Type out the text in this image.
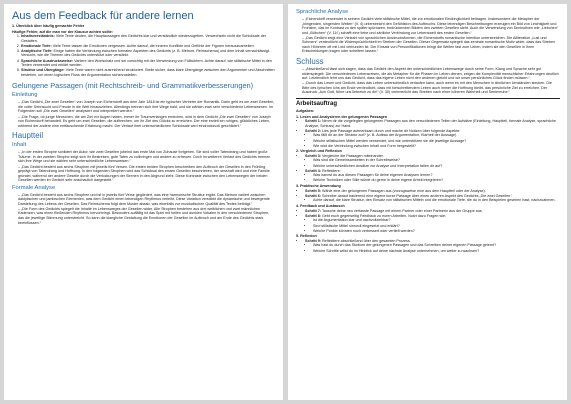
Aus dem Feedback für andere lernen

1. Überblick über häufig gemachte Fehler

Häufige Fehler, auf die man vor der Klausur achten sollte:

1. Inhaltsverständnis: Viele Texte deuten, die Hauptaussagen des Gedichts klar und verständlich wiederzugeben. Verwechseln nicht die Schicksale der Gestalten.
2. Emotionale Tiefe: Viele Texte lassen die Emotionen vergessen. Achte darauf, die inneren Konflikte und Gefühle der Figuren herauszuarbeiten.
3. Analytische Tiefe: Einige haben die Verbindung zwischen formalen Aspekten des Gedichts (z. B. Metrum, Reimschema) und dem Inhalt vernachlässigt. Versucht, wie die Themen des Gedichts unterstützt oder verstärkt.
4. Sprachliche Ausdrucksweise: Variiere den Wortschatz und sei vorsichtig mit der Verwendung von Füllwörtern. Achte darauf, wie stilistische Mittel in den Texten verwendet und erklärt werden.
5. Struktur und Übergänge: Viele Texte waren nicht ausreichend strukturiert. Stelle sicher, dass klare Übergänge zwischen den Argumenten und Abschnitten bestehen, um einen logischen Fluss der Argumentation sicherzustellen.
Gelungene Passagen (mit Rechtschreib- und Grammatikverbesserungen)
Einleitung
– „Das Gedicht „Die zwei Gesellen“ von Joseph von Eichendorff aus dem Jahr 1818 ist ein typischer Vertreter der Romantik. Darin geht es um zwei Gesellen, die voller Sehnsucht und Freude in die Welt hinausziehen. Allerdings trennen sich ihre Wege bald, und sie wählen zwei sehr verschiedene Lebenswesen. Im Folgenden soll „Die zwei Gesellen“ analysiert und interpretiert werden.“
– „Die Frage, ob junge Menschen, die am Ziel vor Augen haben, immer ihr Traumverlangen erreichen, wird in dem Gedicht „Die zwei Gesellen“ von Joseph von Eichendorff behandelt. Es geht um zwei Gesellen, die aufbrechen, um ihr Ziel des Glücks zu erreichen. Der eine erzielt ein ruhiges, glückliches Leben, während der andere eine enttäuschende Erfahrung macht. Der Verlauf ihrer unterschiedlichen Schicksale wird eindrucksvoll geschildert.“
Hauptteil
Inhalt
– „In der ersten Strophe schildert der Autor, wie zwei Gesellen jubelnd das erste Mal von Zuhause fortgehen. Sie sind voller Tatendrang und haben große Träume. In der zweiten Strophe zeigt sich ihr Bestreben, gute Taten zu vollbringen und andere zu erfreuen. Doch im weiteren Verlauf des Gedichts trennen sich ihre Wege und sie wählen sehr unterschiedliche Lebensweisen.“
– „Das Gedicht besteht aus sechs Strophen mit jeweils fünf Versen. Die ersten beiden Strophen beschreiben den Aufbruch der Gesellen in den Frühling, geprägt von Tatendrang und Hoffnung. In den folgenden Strophen wird das Schicksal des ersten Gesellen beschrieben, der sesshaft wird und eine Familie gründet, während der andere Geselle durch die Verlockungen der Sirenen in den Abgrund zieht. Diese Kontraste zwischen den Lebenswegen der beiden Gesellen werden im Gedicht sehr anschaulich dargestellt.“
Formale Analyse
– „Das Gedicht besteht aus sechs Strophen und ist in jeweils fünf Verse gegliedert, was eine harmonische Struktur ergibt. Das Metrum variiert zwischen daktylischen und jambischen Elementen, was dem Gedicht einen lebendigen Rhythmus verleiht. Diese Variation verstärkt die dynamische und bewegende Darstellung des Lebens der Gesellen. Das Reimschema folgt dem Muster abaab, was ebenfalls zur musikalischen Qualität des Textes beiträgt.“
– „Die Form des Gedichts spiegelt die Inhalte im Lebensweges der Gesellen wider. Alle Strophen bestehen aus drei weiblichen und zwei männlichen Kadenzen, was einen fließenden Rhythmus hervorbringt. Besonders auffällig ist das Spiel mit hellen und dunklen Vokalen in den verschiedenen Strophen, das die jeweilige Stimmung unterstreicht. So kann die klangliche Gestaltung die Emotionen der Gesellen im Aufbruch und am Ende des Gedichts stark beeinflussen.“
Sprachliche Analyse
– „Eichendorff verwendet in seinem Gedicht viele stilistische Mittel, die zur emotionalen Eindringlichkeit beitragen. Insbesondere die Metapher der „klingenden, singenden Wellen“ (V. 4) unterstreicht den Gefühlston des Aufbruchs. Diese lebendigen Beschreibungen erzeugen ein Bild von Leichtigkeit und Frohsinn, das im Kontrast zu den später spürbaren, bedrückenden Bildern des zweiten Gesellen steht. Auch die Verwendung von Diminutiven wie „Liebchen“ und „Bübchen“ (V. 11f.) schafft eine liebe und zärtliche Verbindung zur Lebenswelt des ersten Gesellen.“
– „Das Gedicht zeigt eine Vielzahl von sprachlichen Ausdrucksformen, die Eichendorffs romantische Intention unterstreichen. Die Alliteration „Lust und Schmerz“ verdeutlicht die Widersprüchlichkeit im Streben der Gesellen. Dieser Gegensatz spiegelt das zentrale romantische Motiv wider, dass das Streben nach Höherem oft mit Leid verbunden ist. Der Einsatz von Personifikationen bringt die Wellen fast zum Leben, indem sie den Gesellen in ihren Entscheidungen tragen oder scheitern lassen.“
Schluss
– „Abschließend lässt sich sagen, dass das Gedicht den Aspekt der unterschiedlichen Lebenswege durch seine Form, Klang und Sprache sehr gut widerspiegelt. Die verschiedenen Lebensreisen, die als Metapher für die Phasen im Leben dienen, zeigen die Komplexität menschlicher Erfahrungen deutlich auf. Letztendlich lehrt uns das Gedicht, dass das eigene Leben nicht den anderen gleicht und wir unser persönliches Glück finden müssen.“
– „Durch das Lesen und Gedicht, dass das Leben unterschiedlich verlaufen kann, auch wenn es mit den Menschen in ähnlichen Umständen stecken. Die Bitte des lyrischen Ichs am Ende verdeutlicht, dass mit fortschreitendem Leben auch immer die Hoffnung bleibt, das persönliche Ziel zu erreichen. Der Ausdruck „Ach Gott, führe uns liebreich zu dir!“ (V. 30) verinnerlicht das Streben nach einer höheren Wahrheit und Seelenruhe.“
Arbeitsauftrag

Aufgaben:

1. Lesen und Analysieren der gelungenen Passagen

• Schritt 1: Nimm dir die vorgelegten gelungenen Passagen aus den verschiedenen Teilen der Aufsätze (Einleitung, Hauptteil, formale Analyse, sprachliche Analyse, Schluss) zur Hand.
• Schritt 2: Lies jede Passage aufmerksam durch und mache dir Notizen über folgende Aspekte:
• Was fällt dir an der Struktur auf? (z. B. Aufbau der Argumentation, Klarheit der Aussage)
• Welche stilistischen Mittel werden verwendet, und wie unterstützen sie die jeweilige Aussage?
• Wie wird die Verbindung zwischen Inhalt und Form hergestellt?

2. Vergleich und Reflexion

• Schritt 3: Vergleiche die Passagen miteinander.
• Was sind die Gemeinsamkeiten in der Schreibweise?
• Welche unterschiedlichen Ansätze zur Analyse und Interpretation fallen dir auf?
• Schritt 4: Reflektiere:
• Was kannst du aus diesen Passagen für deine eigenen Analysen lernen?
• Welche Techniken oder Stile würde du gerne in deine eigene Arbeit integrieren?

3. Praktische Anwendung

• Schritt 5: Wähle eine der gelungenen Passagen aus (vorzugsweise eine aus dem Hauptteil oder der Analyse).
• Schritt 6: Schreibe darauf basierend eine eigene kurze Passage über einen anderen Aspekt des Gedichts „Die zwei Gesellen“.
• Achte darauf, die klare Struktur, den Einsatz von stilistischen Mitteln und die emotionale Tiefe, die du in den Beispielen gesehen hast, nachzuahmen.

4. Feedback und Austausch

• Schritt 7: Tausche deine neu verfasste Passage mit einem Partner oder einer Partnerin aus der Gruppe aus.
• Schritt 8: Gebt euch gegenseitig Feedback zu euren Arbeiten. Nutzt dazu Fragen wie:
• Ist die Argumentation klar und nachvollziehbar?
• Sind stilistische Mittel sinnvoll eingesetzt und erklärt?
• Welche Punkte könnten noch verbessert oder vertieft werden?

5. Reflexion

• Schritt 9: Reflektiere abschließend über den gesamten Prozess.
• Was hast du durch das Studium der gelungenen Passagen und das Schreiben deiner eigenen Passage gelernt?
• Welche Schritte willst du im Hinblick auf deine nächste Analyse unternehmen, um weiter zu wachsen?
